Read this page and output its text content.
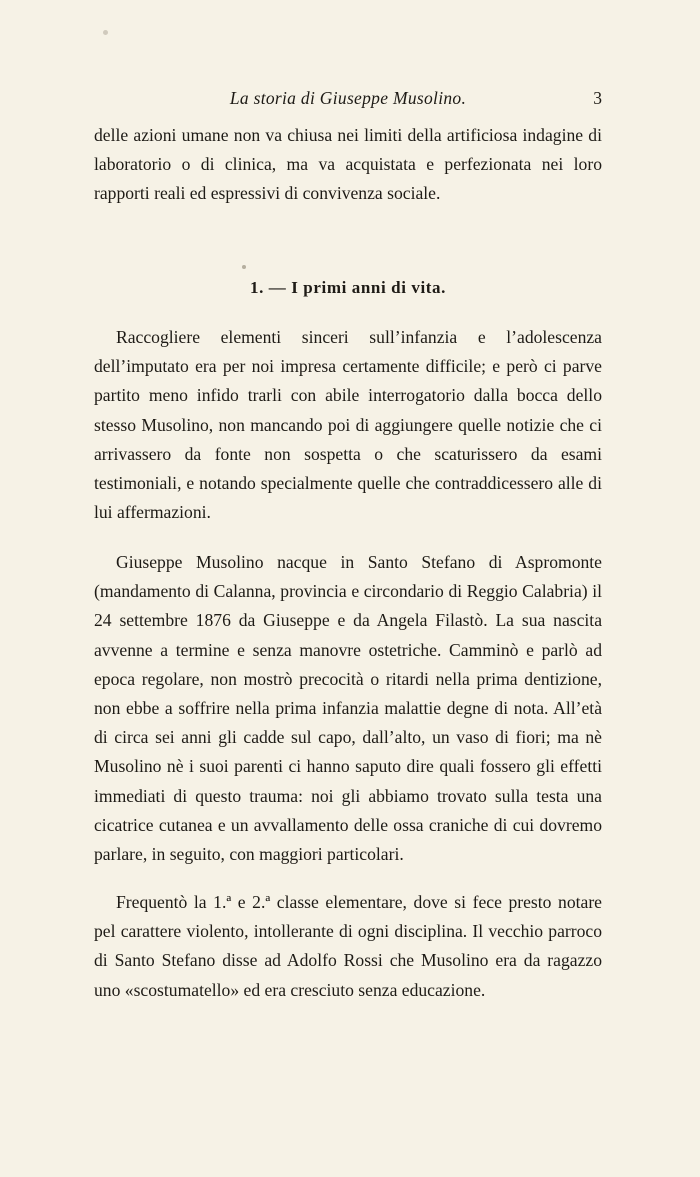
La storia di Giuseppe Musolino.	3

delle azioni umane non va chiusa nei limiti della artificiosa indagine di laboratorio o di clinica, ma va acquistata e perfezionata nei loro rapporti reali ed espressivi di convivenza sociale.

1. — I primi anni di vita.

Raccogliere elementi sinceri sull’infanzia e l’adolescenza dell’imputato era per noi impresa certamente difficile; e però ci parve partito meno infido trarli con abile interrogatorio dalla bocca dello stesso Musolino, non mancando poi di aggiungere quelle notizie che ci arrivassero da fonte non sospetta o che scaturissero da esami testimoniali, e notando specialmente quelle che contraddicessero alle di lui affermazioni.

Giuseppe Musolino nacque in Santo Stefano di Aspromonte (mandamento di Calanna, provincia e circondario di Reggio Calabria) il 24 settembre 1876 da Giuseppe e da Angela Filastò. La sua nascita avvenne a termine e senza manovre ostetriche. Camminò e parlò ad epoca regolare, non mostrò precocità o ritardi nella prima dentizione, non ebbe a soffrire nella prima infanzia malattie degne di nota. All’età di circa sei anni gli cadde sul capo, dall’alto, un vaso di fiori; ma nè Musolino nè i suoi parenti ci hanno saputo dire quali fossero gli effetti immediati di questo trauma: noi gli abbiamo trovato sulla testa una cicatrice cutanea e un avvallamento delle ossa craniche di cui dovremo parlare, in seguito, con maggiori particolari.

Frequentò la 1.ª e 2.ª classe elementare, dove si fece presto notare pel carattere violento, intollerante di ogni disciplina. Il vecchio parroco di Santo Stefano disse ad Adolfo Rossi che Musolino era da ragazzo uno «scostumatello» ed era cresciuto senza educazione.
